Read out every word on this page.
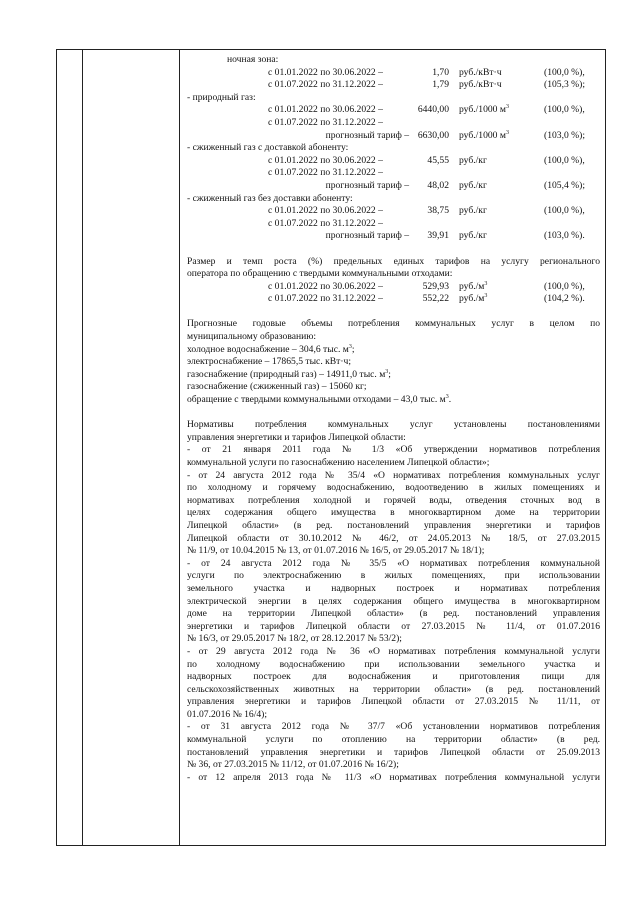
ночная зона:
с 01.01.2022 по 30.06.2022 –	1,70 руб./кВт·ч	(100,0 %),
с 01.07.2022 по 31.12.2022 –	1,79 руб./кВт·ч	(105,3 %);
- природный газ:
с 01.01.2022 по 30.06.2022 –	6440,00 руб./1000 $м^3$	(100,0 %),
с 01.07.2022 по 31.12.2022 –
прогнозный тариф – 6630,00 руб./1000 $м^3$	(103,0 %);
- сжиженный газ с доставкой абоненту:
с 01.01.2022 по 30.06.2022 –	45,55 руб./кг	(100,0 %),
с 01.07.2022 по 31.12.2022 –
прогнозный тариф –	48,02 руб./кг	(105,4 %);
- сжиженный газ без доставки абоненту:
с 01.01.2022 по 30.06.2022 –	38,75 руб./кг	(100,0 %),
с 01.07.2022 по 31.12.2022 –
прогнозный тариф –	39,91 руб./кг	(103,0 %).
Размер и темп роста (%) предельных единых тарифов на услугу регионального
оператора по обращению с твердыми коммунальными отходами:
с 01.01.2022 по 30.06.2022 –	529,93 $руб./м^3$	(100,0 %),
с 01.07.2022 по 31.12.2022 –	552,22 $руб./м^3$	(104,2 %).
Прогнозные годовые объемы потребления коммунальных услуг в целом по
муниципальному образованию:
холодное водоснабжение – 304,6 тыс. $м^3$;
электроснабжение – 17865,5 тыс. кВт·ч;
газоснабжение (природный газ) – 14911,0 тыс. $м^3$;
газоснабжение (сжиженный газ) – 15060 кг;
обращение с твердыми коммунальными отходами – 43,0 тыс. $м^3$.
Нормативы потребления коммунальных услуг установлены постановлениями
управления энергетики и тарифов Липецкой области:
- от 21 января 2011 года № 1/3 «Об утверждении нормативов потребления
коммунальной услуги по газоснабжению населением Липецкой области»;
- от 24 августа 2012 года № 35/4 «О нормативах потребления коммунальных услуг
по холодному и горячему водоснабжению, водоотведению в жилых помещениях и
нормативах потребления холодной и горячей воды, отведения сточных вод в
целях содержания общего имущества в многоквартирном доме на территории
Липецкой области» (в ред. постановлений управления энергетики и тарифов
Липецкой области от 30.10.2012 № 46/2, от 24.05.2013 № 18/5, от 27.03.2015
№ 11/9, от 10.04.2015 № 13, от 01.07.2016 № 16/5, от 29.05.2017 № 18/1);
- от 24 августа 2012 года № 35/5 «О нормативах потребления коммунальной
услуги по электроснабжению в жилых помещениях, при использовании
земельного участка и надворных построек и нормативах потребления
электрической энергии в целях содержания общего имущества в многоквартирном
доме на территории Липецкой области» (в ред. постановлений управления
энергетики и тарифов Липецкой области от 27.03.2015 № 11/4, от 01.07.2016
№ 16/3, от 29.05.2017 № 18/2, от 28.12.2017 № 53/2);
- от 29 августа 2012 года № 36 «О нормативах потребления коммунальной услуги
по холодному водоснабжению при использовании земельного участка и
надворных построек для водоснабжения и приготовления пищи для
сельскохозяйственных животных на территории области» (в ред. постановлений
управления энергетики и тарифов Липецкой области от 27.03.2015 № 11/11, от
01.07.2016 № 16/4);
- от 31 августа 2012 года № 37/7 «Об установлении нормативов потребления
коммунальной услуги по отоплению на территории области» (в ред.
постановлений управления энергетики и тарифов Липецкой области от 25.09.2013
№ 36, от 27.03.2015 № 11/12, от 01.07.2016 № 16/2);
- от 12 апреля 2013 года № 11/3 «О нормативах потребления коммунальной услуги
